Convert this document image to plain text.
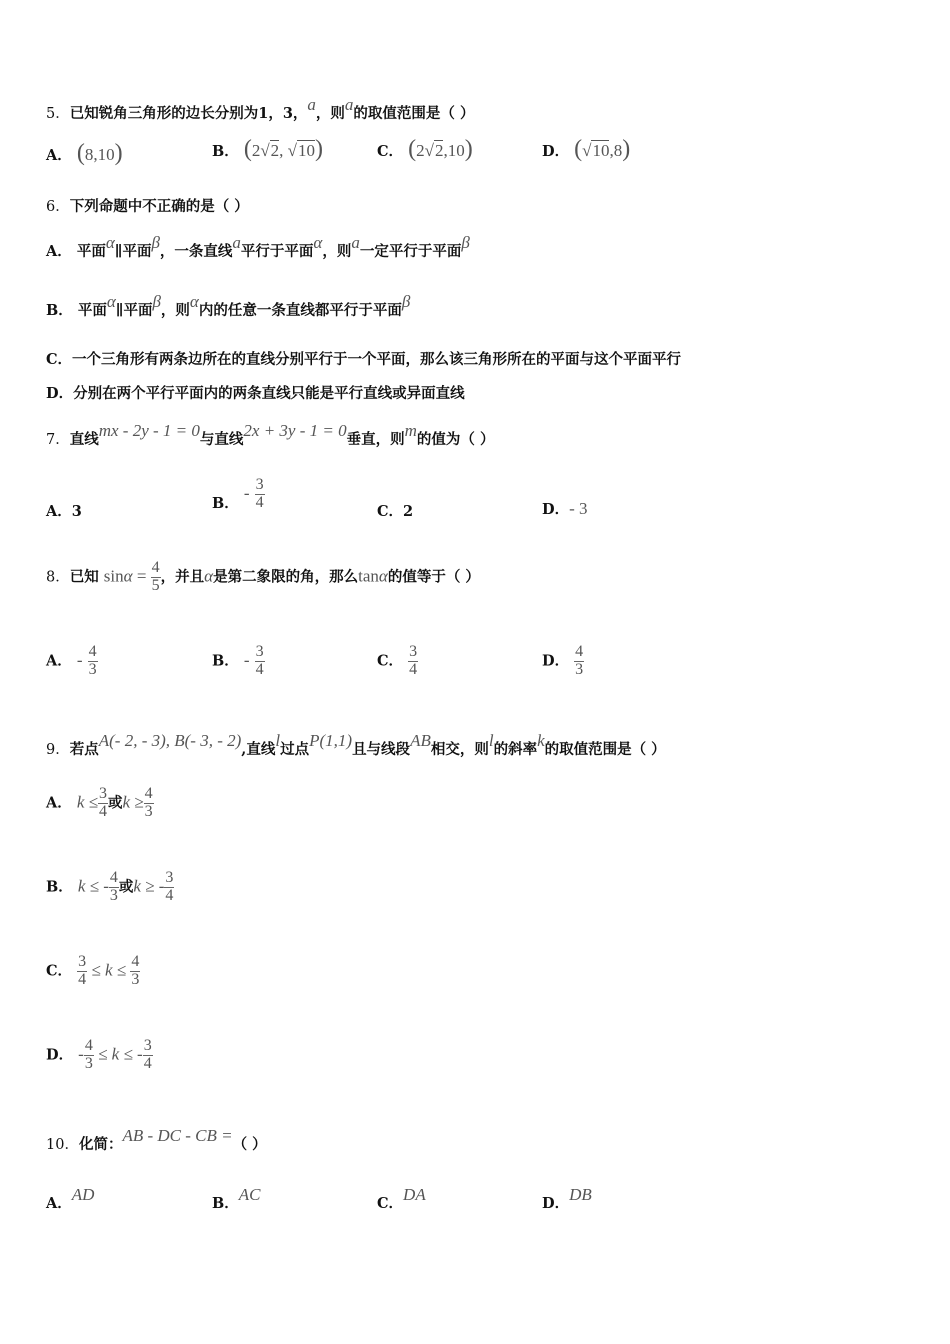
5．已知锐角三角形的边长分别为1，3，a，则a的取值范围是（ ）
A． (8,10)	B． (2√2, √10)	C． (2√2,10)	D． (√10,8)
6．下列命题中不正确的是（ ）
A． 平面α∥平面β，一条直线a平行于平面α，则a一定平行于平面β
B． 平面α∥平面β，则α内的任意一条直线都平行于平面β
C．一个三角形有两条边所在的直线分别平行于一个平面，那么该三角形所在的平面与这个平面平行
D．分别在两个平行平面内的两条直线只能是平行直线或异面直线
7．直线mx - 2y - 1 = 0与直线2x + 3y - 1 = 0垂直，则m的值为（ ）
A．3	B． - $\frac{3}{4}$	C．2	D．- 3
8．已知 $\sin\alpha = \frac{4}{5}$ ，并且α是第二象限的角，那么tanα的值等于（ ）
A． - $\frac{4}{3}$	B． - $\frac{3}{4}$	C． $\frac{3}{4}$	D． $\frac{4}{3}$
9．若点A(- 2, - 3), B(- 3, - 2),直线l过点P(1,1)且与线段AB相交，则l的斜率k的取值范围是（ ）
A． $k \le \frac{3}{4}$ 或$k \ge \frac{4}{3}$
B． k ≤ - $\frac{4}{3}$ 或k ≥ - $\frac{3}{4}$
C． $\frac{3}{4} \le k \le \frac{4}{3}$
D． - $\frac{4}{3} \le k$ ≤ - $\frac{3}{4}$
10．化简：AB - DC - CB =（ ）
A．AD	B．AC	C．DA	D．DB
